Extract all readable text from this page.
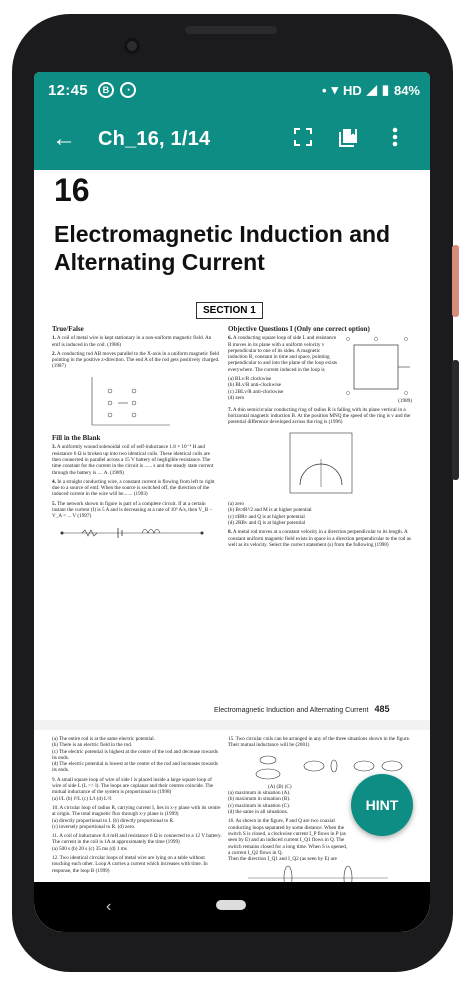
12:45	B	◔	• ▾ HD ◢ ▮ 84%
←	Ch_16, 1/14
16
Electromagnetic Induction and Alternating Current
SECTION 1
True/False
1. A coil of metal wire is kept stationary in a non-uniform magnetic field. An emf is induced in the coil. (1986)
2. A conducting rod AB moves parallel to the X-axis in a uniform magnetic field pointing in the positive z-direction. The end A of the rod gets positively charged. (1987)
Fill in the Blank
3. A uniformly wound solenoidal coil of self-inductance 1.8 × 10⁻⁴ H and resistance 6 Ω is broken up into two identical coils. These identical coils are then connected in parallel across a 15 V battery of negligible resistance. The time constant for the current in the circuit is ...... s and the steady state current through the battery is .... A. (1989)
4. In a straight conducting wire, a constant current is flowing from left to right due to a source of emf. When the source is switched off, the direction of the induced current in the wire will be....... (1993)
5. The network shown in figure is part of a complete circuit. If at a certain instant the current (I) is 5 A and is decreasing at a rate of 10³ A/s, then V_B − V_A = ... V (1997)
Objective Questions I (Only one correct option)
6. A conducting square loop of side L and resistance R moves in its plane with a uniform velocity v perpendicular to one of its sides. A magnetic induction B, constant in time and space, pointing perpendicular to and into the plane of the loop exists everywhere. The current induced in the loop is
(a) BLv/R clockwise
(b) BLv/R anti-clockwise
(c) 2BLv/R anti-clockwise
(d) zero	(1989)
7. A thin semicircular conducting ring of radius R is falling with its plane vertical in a horizontal magnetic induction B. At the position MNQ the speed of the ring is v and the potential difference developed across the ring is (1996)
(a) zero
(b) BvπR²/2 and M is at higher potential
(c) πBRv and Q is at higher potential
(d) 2RBv and Q is at higher potential
8. A metal rod moves at a constant velocity in a direction perpendicular to its length. A constant uniform magnetic field exists in space in a direction perpendicular to the rod as well as its velocity. Select the correct statement (s) from the following (1998)
Electromagnetic Induction and Alternating Current 485
(a) The entire rod is at the same electric potential.
(b) There is an electric field in the rod.
(c) The electric potential is highest at the centre of the rod and decrease towards its ends.
(d) The electric potential is lowest at the centre of the rod and increases towards its ends.
9. A small square loop of wire of side l is placed inside a large square loop of wire of side L (L >> l). The loops are coplanar and their centres coincide. The mutual inductance of the system is proportional to (1998)
(a) l/L (b) l²/L (c) L/l (d) L²/l
10. A circular loop of radius R, carrying current I, lies in x-y plane with its centre at origin. The total magnetic flux through x-y plane is (1999)
(a) directly proportional to I. (b) directly proportional to R.
(c) inversely proportional to R. (d) zero.
11. A coil of inductance 8.4 mH and resistance 6 Ω is connected to a 12 V battery. The current in the coil is 1A at approximately the time (1999)
(a) 500 s (b) 20 s (c) 35 ms (d) 1 ms
12. Two identical circular loops of metal wire are lying on a table without touching each other. Loop A carries a current which increases with time. In response, the loop B (1999)
15. Two circular coils can be arranged in any of the three situations shown in the figure. Their mutual inductance will be (2001)
(A) (B) (C)
(a) maximum in situation (A).
(b) maximum in situation (B).
(c) maximum in situation (C).
(d) the same in all situations.
16. As shown in the figure, P and Q are two coaxial conducting loops separated by some distance. When the switch S is closed, a clockwise current I_P flows in P (as seen by E) and an induced current I_Q1 flows in Q. The switch remains closed for a long time. When S is opened, a current I_Q2 flows in Q.
Then the direction I_Q1 and I_Q2 (as seen by E) are
HINT
‹
